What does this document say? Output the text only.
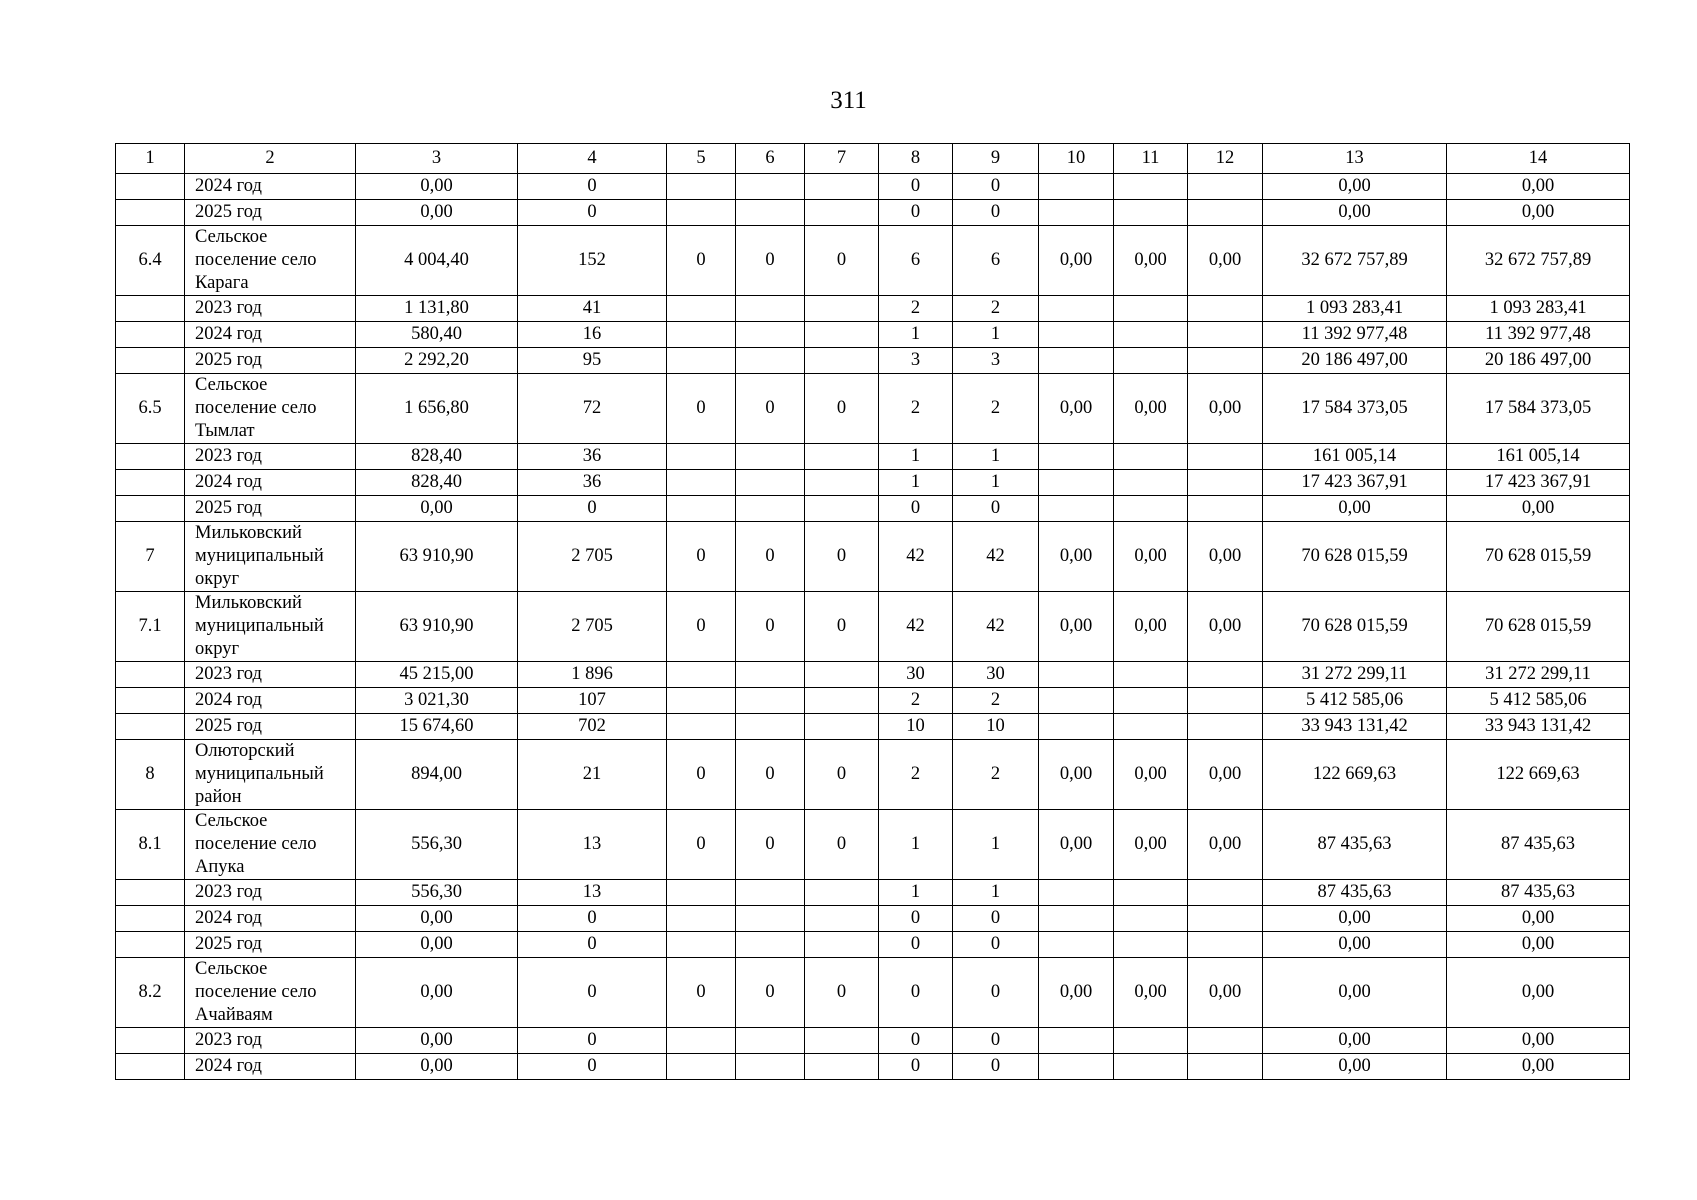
311
1	2	3	4	5	6	7	8	9	10	11	12	13	14
	2024 год	0,00	0				0	0				0,00	0,00
	2025 год	0,00	0				0	0				0,00	0,00
6.4	Сельское поселение село Карага	4 004,40	152	0	0	0	6	6	0,00	0,00	0,00	32 672 757,89	32 672 757,89
	2023 год	1 131,80	41				2	2				1 093 283,41	1 093 283,41
	2024 год	580,40	16				1	1				11 392 977,48	11 392 977,48
	2025 год	2 292,20	95				3	3				20 186 497,00	20 186 497,00
6.5	Сельское поселение село Тымлат	1 656,80	72	0	0	0	2	2	0,00	0,00	0,00	17 584 373,05	17 584 373,05
	2023 год	828,40	36				1	1				161 005,14	161 005,14
	2024 год	828,40	36				1	1				17 423 367,91	17 423 367,91
	2025 год	0,00	0				0	0				0,00	0,00
7	Мильковский муниципальный округ	63 910,90	2 705	0	0	0	42	42	0,00	0,00	0,00	70 628 015,59	70 628 015,59
7.1	Мильковский муниципальный округ	63 910,90	2 705	0	0	0	42	42	0,00	0,00	0,00	70 628 015,59	70 628 015,59
	2023 год	45 215,00	1 896				30	30				31 272 299,11	31 272 299,11
	2024 год	3 021,30	107				2	2				5 412 585,06	5 412 585,06
	2025 год	15 674,60	702				10	10				33 943 131,42	33 943 131,42
8	Олюторский муниципальный район	894,00	21	0	0	0	2	2	0,00	0,00	0,00	122 669,63	122 669,63
8.1	Сельское поселение село Апука	556,30	13	0	0	0	1	1	0,00	0,00	0,00	87 435,63	87 435,63
	2023 год	556,30	13				1	1				87 435,63	87 435,63
	2024 год	0,00	0				0	0				0,00	0,00
	2025 год	0,00	0				0	0				0,00	0,00
8.2	Сельское поселение село Ачайваям	0,00	0	0	0	0	0	0	0,00	0,00	0,00	0,00	0,00
	2023 год	0,00	0				0	0				0,00	0,00
	2024 год	0,00	0				0	0				0,00	0,00
